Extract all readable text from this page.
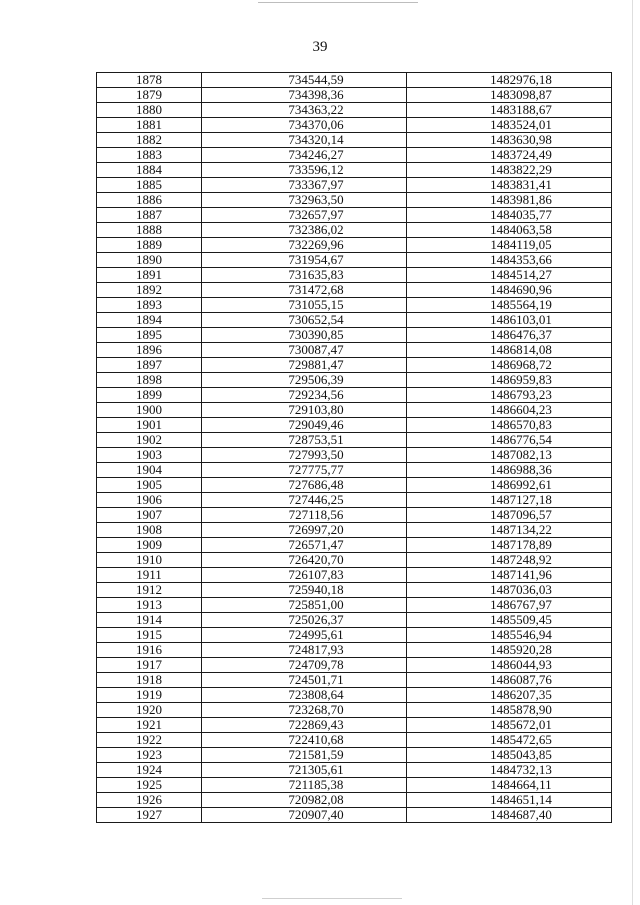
39
1878	734544,59	1482976,18
1879	734398,36	1483098,87
1880	734363,22	1483188,67
1881	734370,06	1483524,01
1882	734320,14	1483630,98
1883	734246,27	1483724,49
1884	733596,12	1483822,29
1885	733367,97	1483831,41
1886	732963,50	1483981,86
1887	732657,97	1484035,77
1888	732386,02	1484063,58
1889	732269,96	1484119,05
1890	731954,67	1484353,66
1891	731635,83	1484514,27
1892	731472,68	1484690,96
1893	731055,15	1485564,19
1894	730652,54	1486103,01
1895	730390,85	1486476,37
1896	730087,47	1486814,08
1897	729881,47	1486968,72
1898	729506,39	1486959,83
1899	729234,56	1486793,23
1900	729103,80	1486604,23
1901	729049,46	1486570,83
1902	728753,51	1486776,54
1903	727993,50	1487082,13
1904	727775,77	1486988,36
1905	727686,48	1486992,61
1906	727446,25	1487127,18
1907	727118,56	1487096,57
1908	726997,20	1487134,22
1909	726571,47	1487178,89
1910	726420,70	1487248,92
1911	726107,83	1487141,96
1912	725940,18	1487036,03
1913	725851,00	1486767,97
1914	725026,37	1485509,45
1915	724995,61	1485546,94
1916	724817,93	1485920,28
1917	724709,78	1486044,93
1918	724501,71	1486087,76
1919	723808,64	1486207,35
1920	723268,70	1485878,90
1921	722869,43	1485672,01
1922	722410,68	1485472,65
1923	721581,59	1485043,85
1924	721305,61	1484732,13
1925	721185,38	1484664,11
1926	720982,08	1484651,14
1927	720907,40	1484687,40
